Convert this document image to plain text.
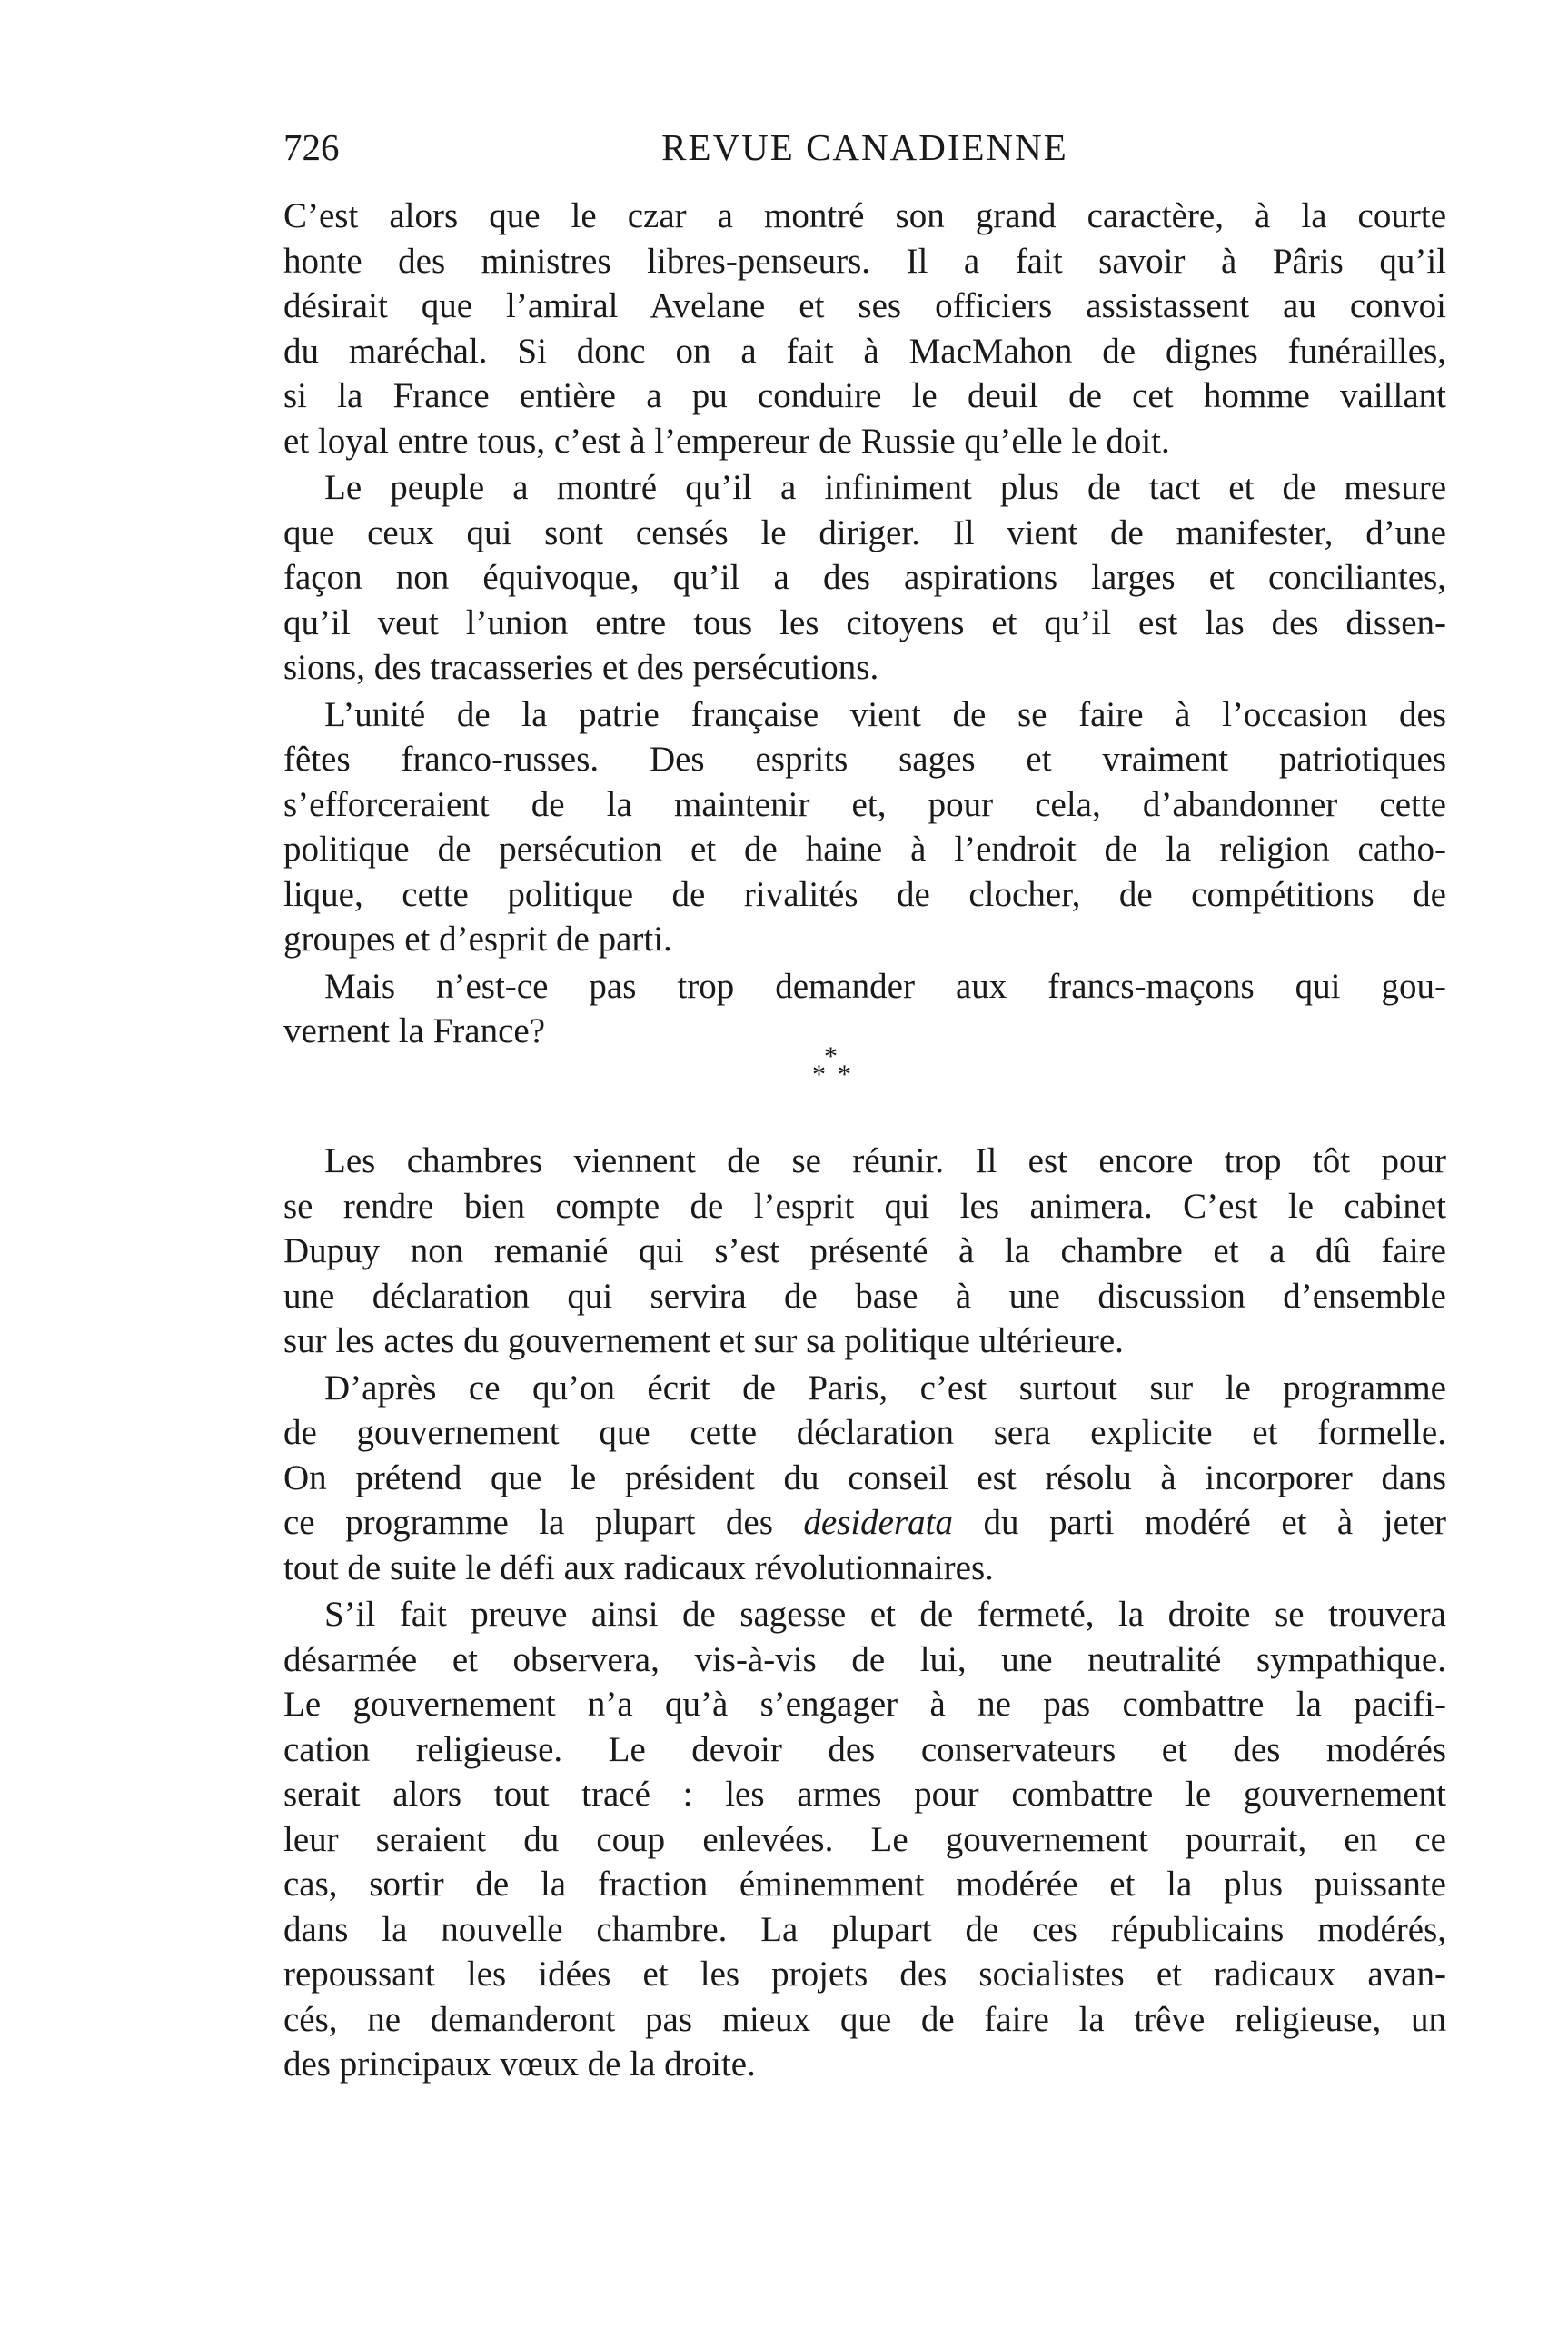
726	REVUE CANADIENNE

C’est alors que le czar a montré son grand caractère, à la courte
honte des ministres libres-penseurs. Il a fait savoir à Pâris qu’il
désirait que l’amiral Avelane et ses officiers assistassent au convoi
du maréchal. Si donc on a fait à MacMahon de dignes funérailles,
si la France entière a pu conduire le deuil de cet homme vaillant
et loyal entre tous, c’est à l’empereur de Russie qu’elle le doit.

Le peuple a montré qu’il a infiniment plus de tact et de mesure
que ceux qui sont censés le diriger. Il vient de manifester, d’une
façon non équivoque, qu’il a des aspirations larges et conciliantes,
qu’il veut l’union entre tous les citoyens et qu’il est las des dissen-
sions, des tracasseries et des persécutions.

L’unité de la patrie française vient de se faire à l’occasion des
fêtes franco-russes. Des esprits sages et vraiment patriotiques
s’efforceraient de la maintenir et, pour cela, d’abandonner cette
politique de persécution et de haine à l’endroit de la religion catho-
lique, cette politique de rivalités de clocher, de compétitions de
groupes et d’esprit de parti.

Mais n’est-ce pas trop demander aux francs-maçons qui gou-
vernent la France?

*
* *

Les chambres viennent de se réunir. Il est encore trop tôt pour
se rendre bien compte de l’esprit qui les animera. C’est le cabinet
Dupuy non remanié qui s’est présenté à la chambre et a dû faire
une déclaration qui servira de base à une discussion d’ensemble
sur les actes du gouvernement et sur sa politique ultérieure.

D’après ce qu’on écrit de Paris, c’est surtout sur le programme
de gouvernement que cette déclaration sera explicite et formelle.
On prétend que le président du conseil est résolu à incorporer dans
ce programme la plupart des desiderata du parti modéré et à jeter
tout de suite le défi aux radicaux révolutionnaires.

S’il fait preuve ainsi de sagesse et de fermeté, la droite se trouvera
désarmée et observera, vis-à-vis de lui, une neutralité sympathique.
Le gouvernement n’a qu’à s’engager à ne pas combattre la pacifi-
cation religieuse. Le devoir des conservateurs et des modérés
serait alors tout tracé : les armes pour combattre le gouvernement
leur seraient du coup enlevées. Le gouvernement pourrait, en ce
cas, sortir de la fraction éminemment modérée et la plus puissante
dans la nouvelle chambre. La plupart de ces républicains modérés,
repoussant les idées et les projets des socialistes et radicaux avan-
cés, ne demanderont pas mieux que de faire la trêve religieuse, un
des principaux vœux de la droite.
